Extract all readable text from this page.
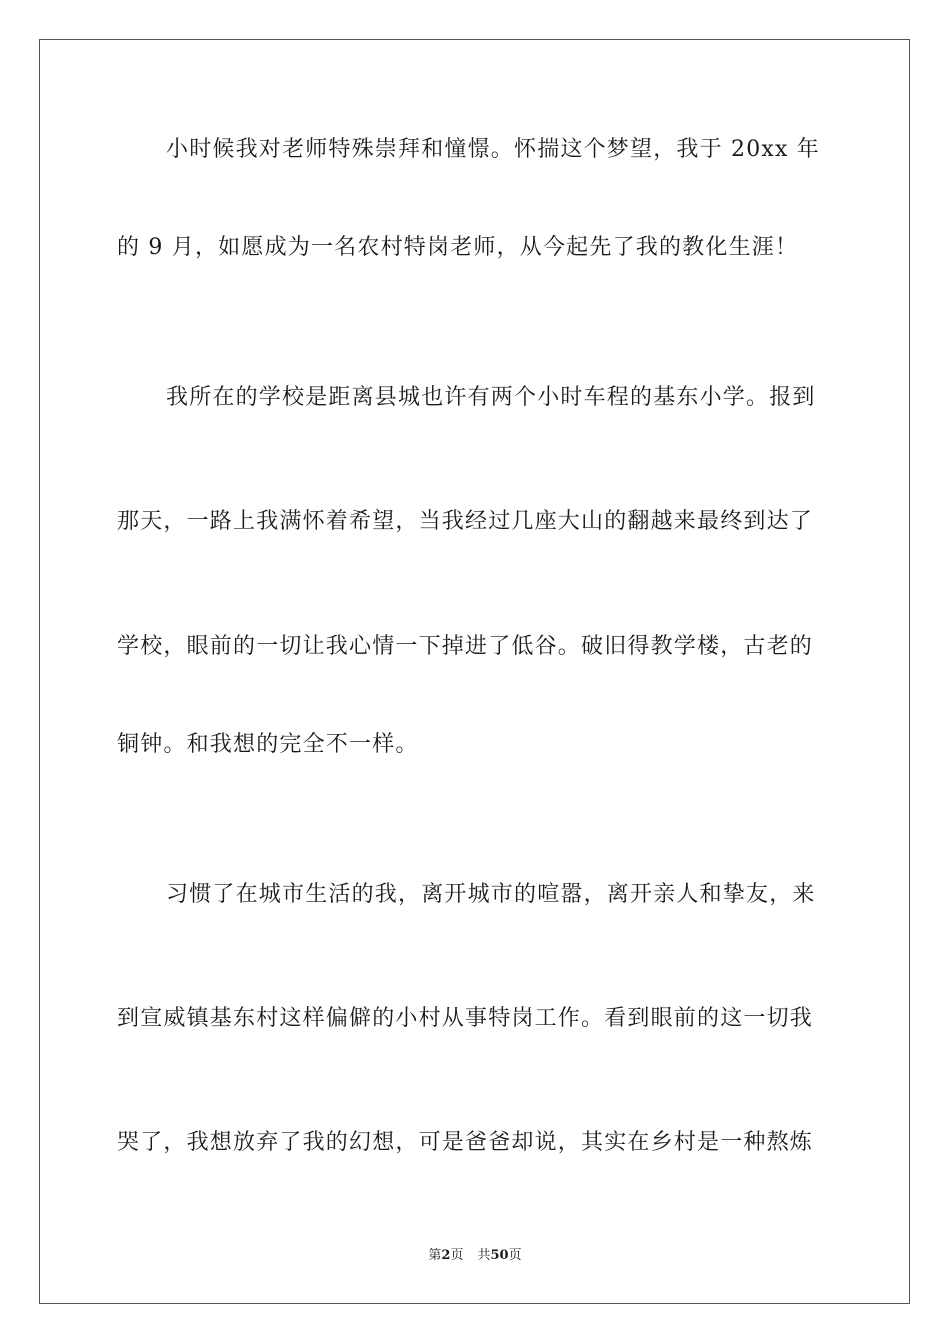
小时候我对老师特殊崇拜和憧憬。怀揣这个梦望，我于 20xx 年
的 9 月，如愿成为一名农村特岗老师，从今起先了我的教化生涯！
我所在的学校是距离县城也许有两个小时车程的基东小学。报到
那天，一路上我满怀着希望，当我经过几座大山的翻越来最终到达了
学校，眼前的一切让我心情一下掉进了低谷。破旧得教学楼，古老的
铜钟。和我想的完全不一样。
习惯了在城市生活的我，离开城市的喧嚣，离开亲人和挚友，来
到宣威镇基东村这样偏僻的小村从事特岗工作。看到眼前的这一切我
哭了，我想放弃了我的幻想，可是爸爸却说，其实在乡村是一种熬炼
第2页 共50页
